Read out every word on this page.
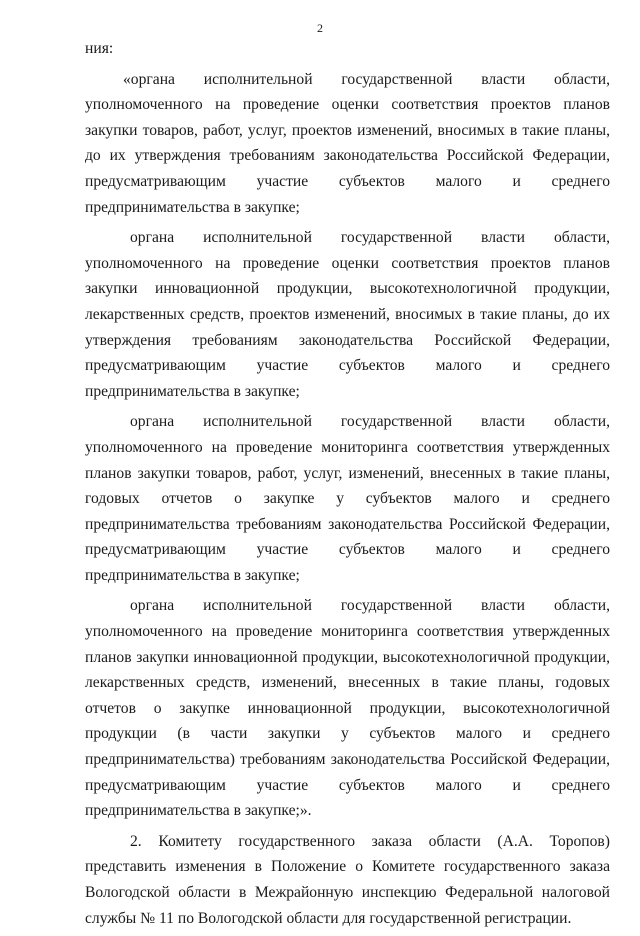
2

ния:

«органа исполнительной государственной власти области, уполномоченного на проведение оценки соответствия проектов планов закупки товаров, работ, услуг, проектов изменений, вносимых в такие планы, до их утверждения требованиям законодательства Российской Федерации, предусматривающим участие субъектов малого и среднего предпринимательства в закупке;

органа исполнительной государственной власти области, уполномоченного на проведение оценки соответствия проектов планов закупки инновационной продукции, высокотехнологичной продукции, лекарственных средств, проектов изменений, вносимых в такие планы, до их утверждения требованиям законодательства Российской Федерации, предусматривающим участие субъектов малого и среднего предпринимательства в закупке;

органа исполнительной государственной власти области, уполномоченного на проведение мониторинга соответствия утвержденных планов закупки товаров, работ, услуг, изменений, внесенных в такие планы, годовых отчетов о закупке у субъектов малого и среднего предпринимательства требованиям законодательства Российской Федерации, предусматривающим участие субъектов малого и среднего предпринимательства в закупке;

органа исполнительной государственной власти области, уполномоченного на проведение мониторинга соответствия утвержденных планов закупки инновационной продукции, высокотехнологичной продукции, лекарственных средств, изменений, внесенных в такие планы, годовых отчетов о закупке инновационной продукции, высокотехнологичной продукции (в части закупки у субъектов малого и среднего предпринимательства) требованиям законодательства Российской Федерации, предусматривающим участие субъектов малого и среднего предпринимательства в закупке;».

2. Комитету государственного заказа области (А.А. Торопов) представить изменения в Положение о Комитете государственного заказа Вологодской области в Межрайонную инспекцию Федеральной налоговой службы № 11 по Вологодской области для государственной регистрации.
